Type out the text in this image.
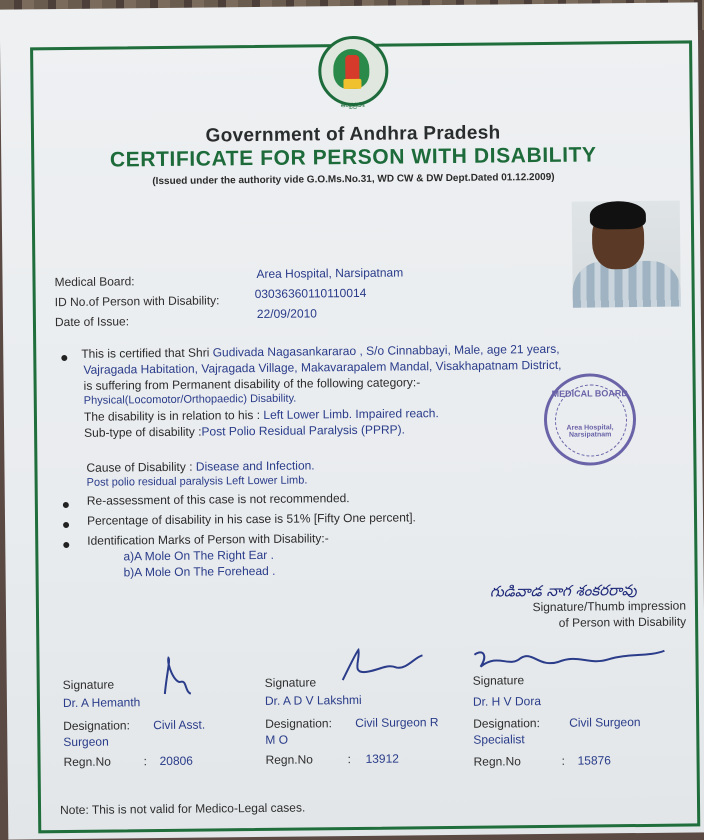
ఆంధ్రప్రదేశ్
Government of Andhra Pradesh
CERTIFICATE FOR PERSON WITH DISABILITY
(Issued under the authority vide G.O.Ms.No.31, WD CW & DW Dept.Dated 01.12.2009)
Medical Board:
Area Hospital, Narsipatnam
ID No.of Person with Disability:	03036360110110014
Date of Issue:
22/09/2010
MEDICAL BOARD
Area Hospital, Narsipatnam
This is certified that Shri Gudivada Nagasankararao , S/o Cinnabbayi, Male, age 21 years,
Vajragada Habitation, Vajragada Village, Makavarapalem Mandal, Visakhapatnam District,
is suffering from Permanent disability of the following category:-
Physical(Locomotor/Orthopaedic) Disability.
The disability is in relation to his : Left Lower Limb. Impaired reach.
Sub-type of disability :Post Polio Residual Paralysis (PPRP).
Cause of Disability : Disease and Infection.
Post polio residual paralysis Left Lower Limb.
Re-assessment of this case is not recommended.
Percentage of disability in his case is 51% [Fifty One percent].
Identification Marks of Person with Disability:-
a)A Mole On The Right Ear .
b)A Mole On The Forehead .
గుడివాడ నాగ శంకరరావు
Signature/Thumb impression
of Person with Disability
Signature
Dr. A Hemanth
Designation: Civil Asst.
Surgeon
Regn.No	: 20806
Signature
Dr. A D V Lakshmi
Designation: Civil Surgeon R
M O
Regn.No	: 13912
Signature
Dr. H V Dora
Designation: Civil Surgeon
Specialist
Regn.No	: 15876
Note: This is not valid for Medico-Legal cases.
